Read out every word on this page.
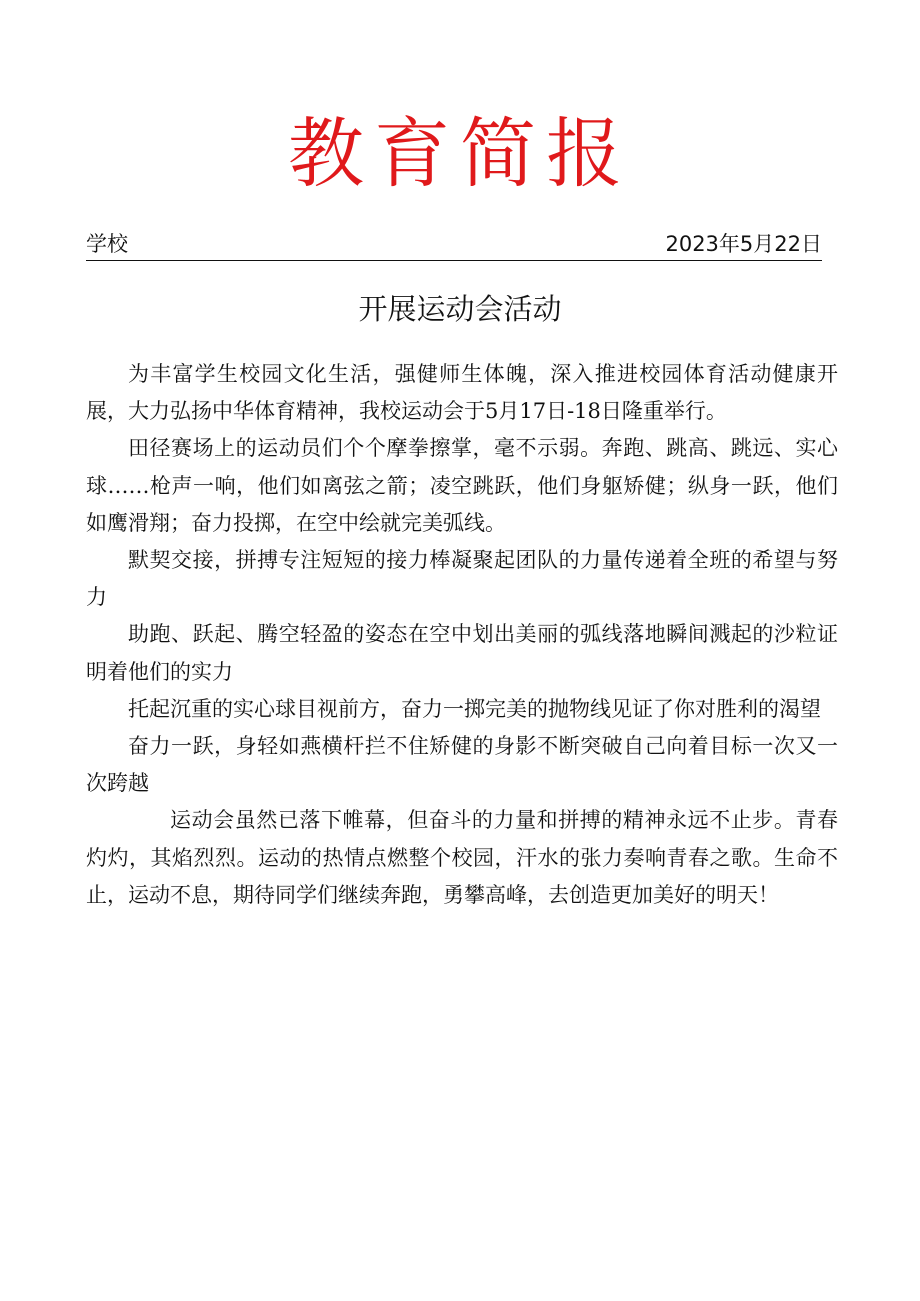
教育简报
学校	2023年5月22日
开展运动会活动

为丰富学生校园文化生活，强健师生体魄，深入推进校园体育活动健康开展，大力弘扬中华体育精神，我校运动会于5月17日-18日隆重举行。

田径赛场上的运动员们个个摩拳擦掌，毫不示弱。奔跑、跳高、跳远、实心球……枪声一响，他们如离弦之箭；凌空跳跃，他们身躯矫健；纵身一跃，他们如鹰滑翔；奋力投掷，在空中绘就完美弧线。

默契交接，拼搏专注短短的接力棒凝聚起团队的力量传递着全班的希望与努力

助跑、跃起、腾空轻盈的姿态在空中划出美丽的弧线落地瞬间溅起的沙粒证明着他们的实力

托起沉重的实心球目视前方，奋力一掷完美的抛物线见证了你对胜利的渴望

奋力一跃，身轻如燕横杆拦不住矫健的身影不断突破自己向着目标一次又一次跨越

运动会虽然已落下帷幕，但奋斗的力量和拼搏的精神永远不止步。青春灼灼，其焰烈烈。运动的热情点燃整个校园，汗水的张力奏响青春之歌。生命不止，运动不息，期待同学们继续奔跑，勇攀高峰，去创造更加美好的明天！
